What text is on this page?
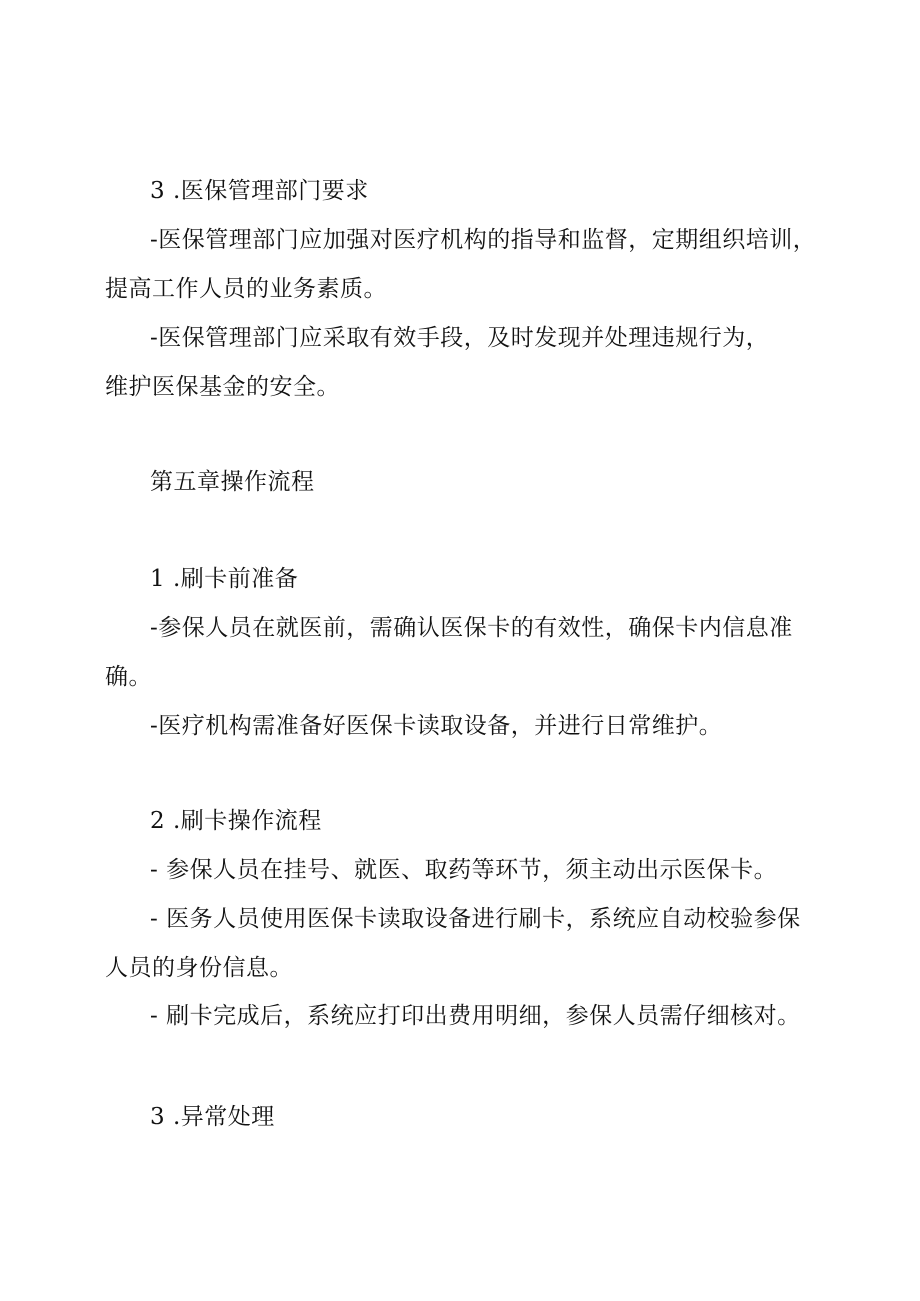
3 .医保管理部门要求
-医保管理部门应加强对医疗机构的指导和监督，定期组织培训，
提高工作人员的业务素质。
-医保管理部门应采取有效手段，及时发现并处理违规行为，
维护医保基金的安全。
第五章操作流程
1 .刷卡前准备
-参保人员在就医前，需确认医保卡的有效性，确保卡内信息准
确。
-医疗机构需准备好医保卡读取设备，并进行日常维护。
2 .刷卡操作流程
- 参保人员在挂号、就医、取药等环节，须主动出示医保卡。
- 医务人员使用医保卡读取设备进行刷卡，系统应自动校验参保
人员的身份信息。
- 刷卡完成后，系统应打印出费用明细，参保人员需仔细核对。
3 .异常处理
